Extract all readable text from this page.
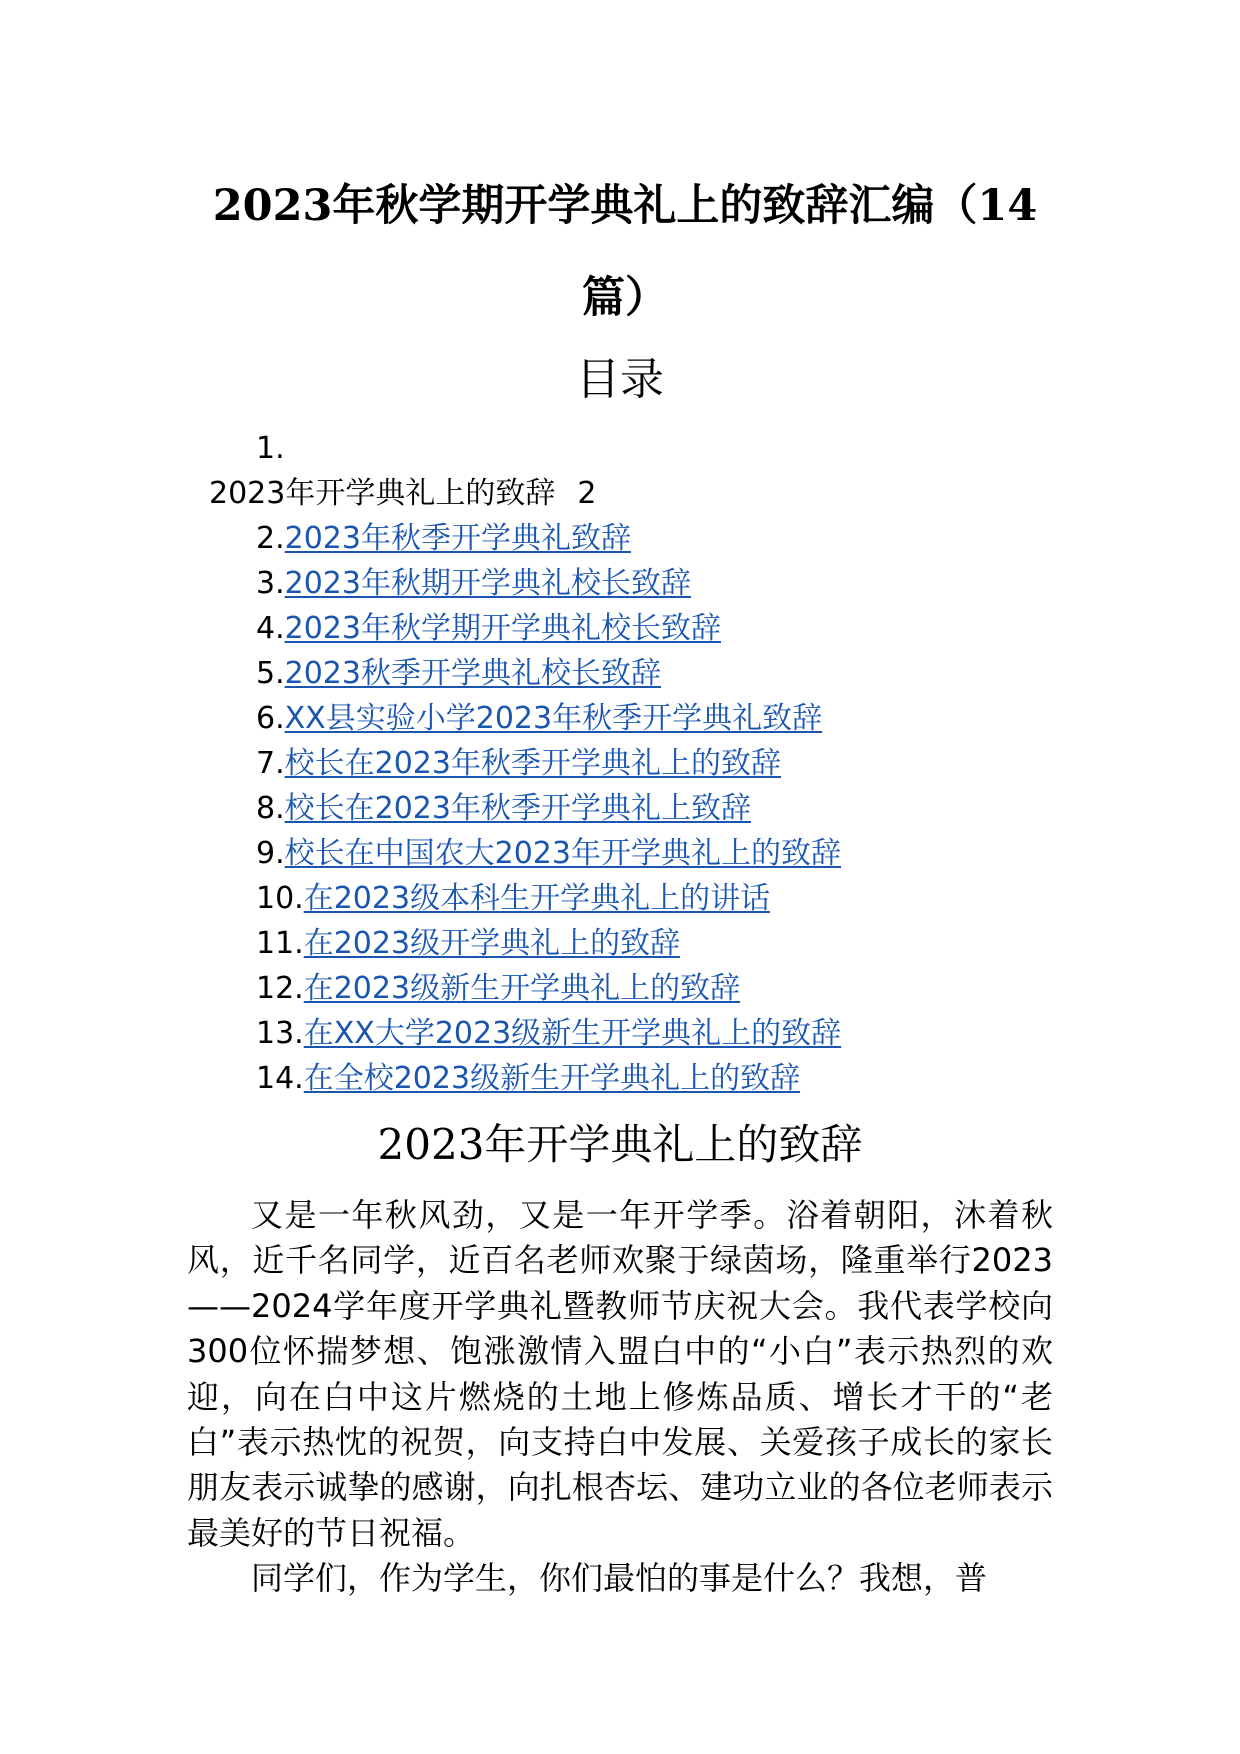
2023年秋学期开学典礼上的致辞汇编（14篇）
目录
1.
2023年开学典礼上的致辞 2
2.2023年秋季开学典礼致辞
3.2023年秋期开学典礼校长致辞
4.2023年秋学期开学典礼校长致辞
5.2023秋季开学典礼校长致辞
6.XX县实验小学2023年秋季开学典礼致辞
7.校长在2023年秋季开学典礼上的致辞
8.校长在2023年秋季开学典礼上致辞
9.校长在中国农大2023年开学典礼上的致辞
10.在2023级本科生开学典礼上的讲话
11.在2023级开学典礼上的致辞
12.在2023级新生开学典礼上的致辞
13.在XX大学2023级新生开学典礼上的致辞
14.在全校2023级新生开学典礼上的致辞
2023年开学典礼上的致辞

又是一年秋风劲，又是一年开学季。浴着朝阳，沐着秋风，近千名同学，近百名老师欢聚于绿茵场，隆重举行2023——2024学年度开学典礼暨教师节庆祝大会。我代表学校向300位怀揣梦想、饱涨激情入盟白中的“小白”表示热烈的欢迎，向在白中这片燃烧的土地上修炼品质、增长才干的“老白”表示热忱的祝贺，向支持白中发展、关爱孩子成长的家长朋友表示诚挚的感谢，向扎根杏坛、建功立业的各位老师表示最美好的节日祝福。

同学们，作为学生，你们最怕的事是什么？我想，普
